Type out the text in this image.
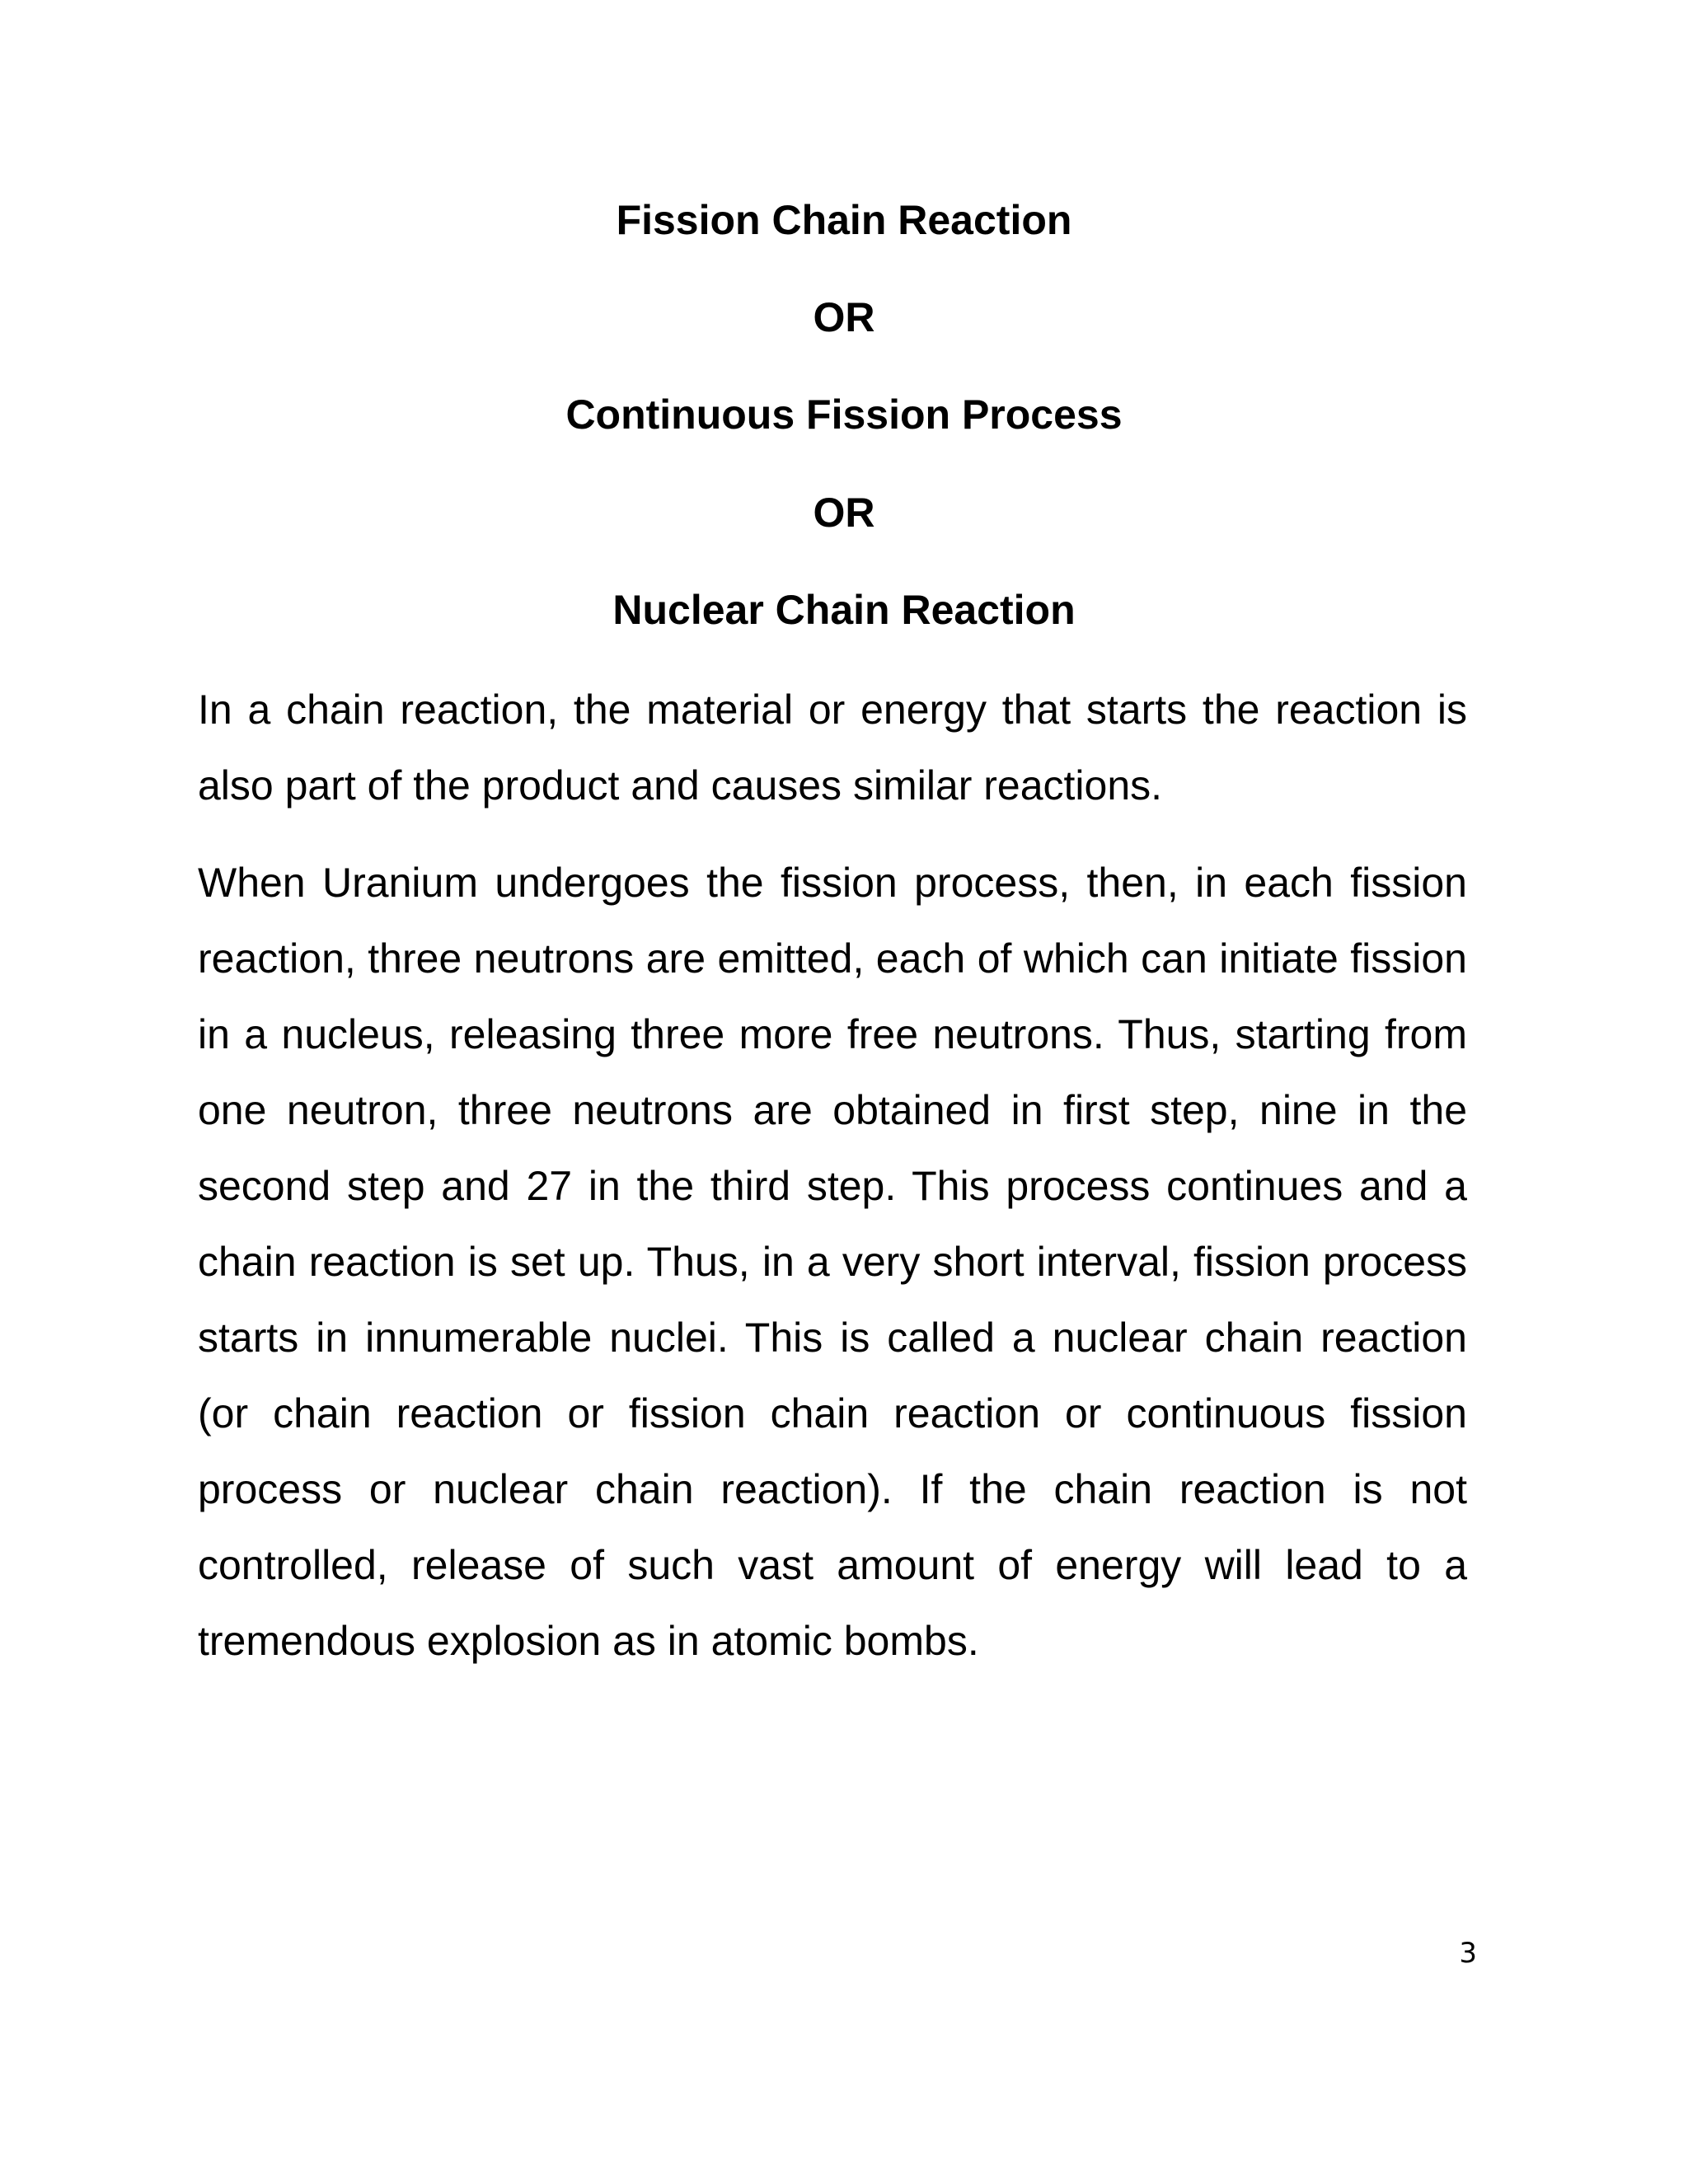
Fission Chain Reaction
OR
Continuous Fission Process
OR
Nuclear Chain Reaction

In a chain reaction, the material or energy that starts the reaction is also part of the product and causes similar reactions.

When Uranium undergoes the fission process, then, in each fission reaction, three neutrons are emitted, each of which can initiate fission in a nucleus, releasing three more free neutrons. Thus, starting from one neutron, three neutrons are obtained in first step, nine in the second step and 27 in the third step. This process continues and a chain reaction is set up. Thus, in a very short interval, fission process starts in innumerable nuclei. This is called a nuclear chain reaction (or chain reaction or fission chain reaction or continuous fission process or nuclear chain reaction). If the chain reaction is not controlled, release of such vast amount of energy will lead to a tremendous explosion as in atomic bombs.

3
